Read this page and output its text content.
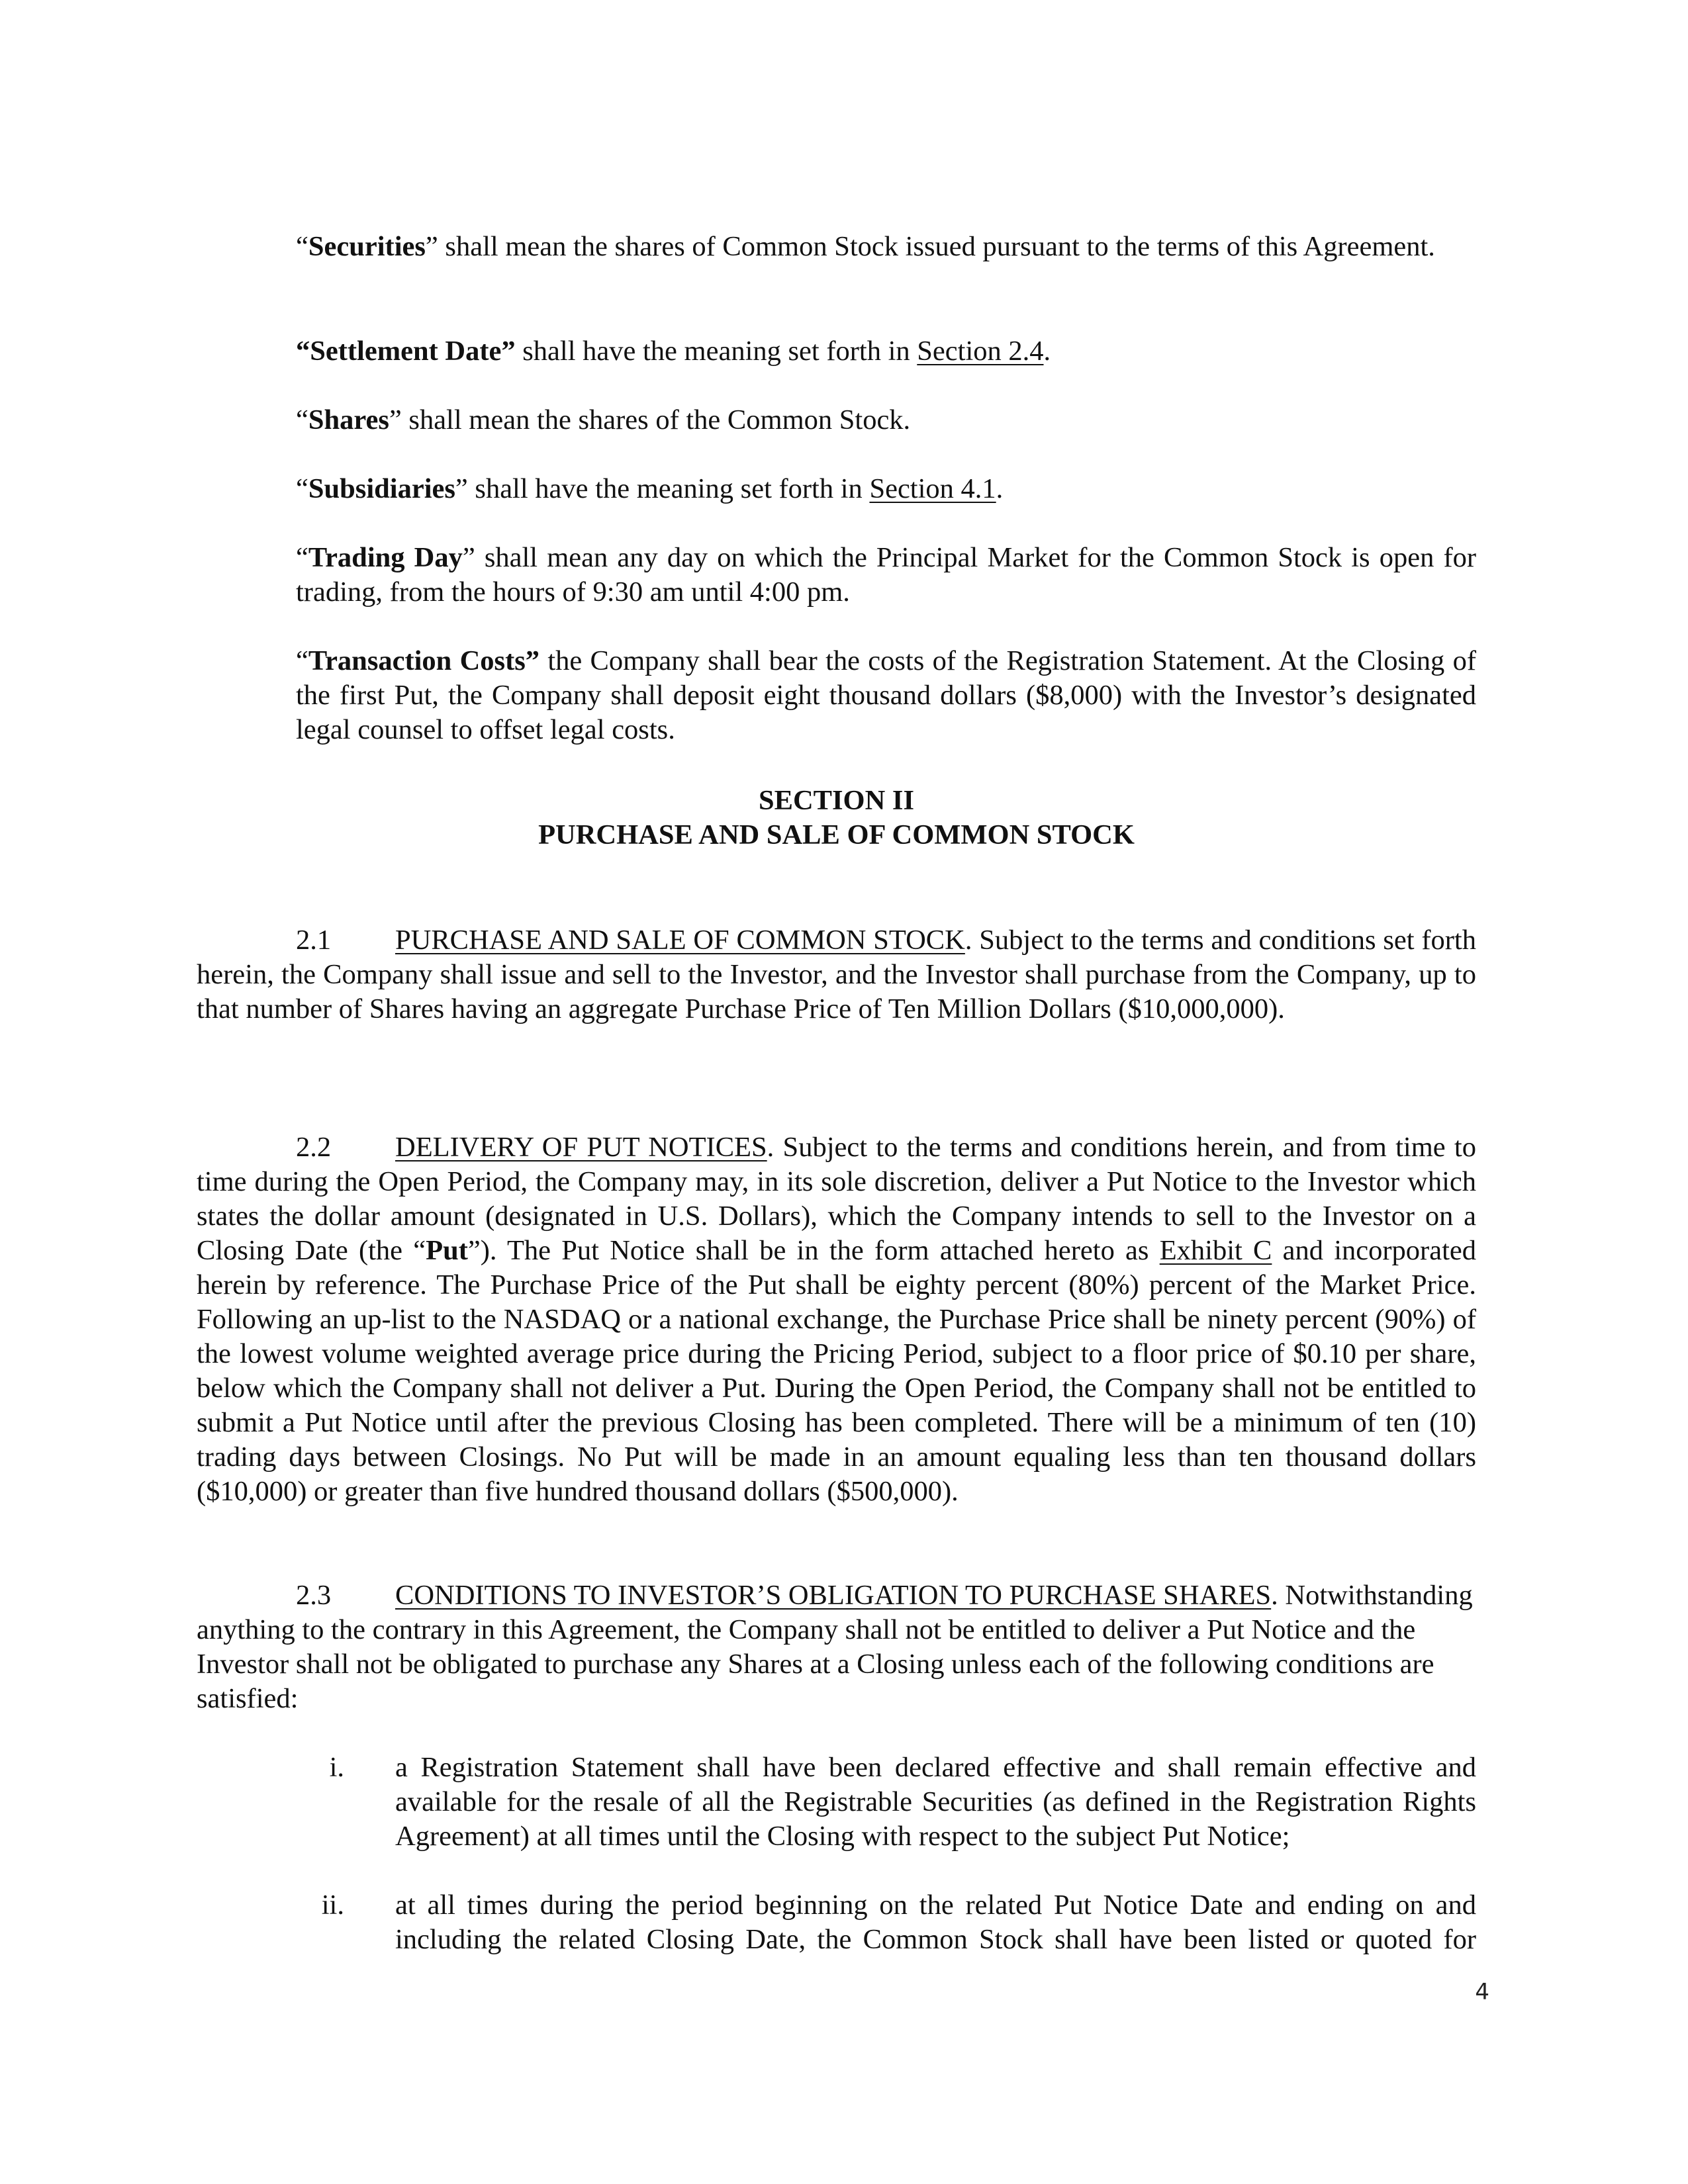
“Securities” shall mean the shares of Common Stock issued pursuant to the terms of this Agreement.

“Settlement Date” shall have the meaning set forth in Section 2.4.

“Shares” shall mean the shares of the Common Stock.

“Subsidiaries” shall have the meaning set forth in Section 4.1.

“Trading Day” shall mean any day on which the Principal Market for the Common Stock is open for trading, from the hours of 9:30 am until 4:00 pm.

“Transaction Costs” the Company shall bear the costs of the Registration Statement. At the Closing of the first Put, the Company shall deposit eight thousand dollars ($8,000) with the Investor’s designated legal counsel to offset legal costs.

SECTION II
PURCHASE AND SALE OF COMMON STOCK

2.1 PURCHASE AND SALE OF COMMON STOCK. Subject to the terms and conditions set forth herein, the Company shall issue and sell to the Investor, and the Investor shall purchase from the Company, up to that number of Shares having an aggregate Purchase Price of Ten Million Dollars ($10,000,000).

2.2 DELIVERY OF PUT NOTICES. Subject to the terms and conditions herein, and from time to time during the Open Period, the Company may, in its sole discretion, deliver a Put Notice to the Investor which states the dollar amount (designated in U.S. Dollars), which the Company intends to sell to the Investor on a Closing Date (the “Put”). The Put Notice shall be in the form attached hereto as Exhibit C and incorporated herein by reference. The Purchase Price of the Put shall be eighty percent (80%) percent of the Market Price. Following an up-list to the NASDAQ or a national exchange, the Purchase Price shall be ninety percent (90%) of the lowest volume weighted average price during the Pricing Period, subject to a floor price of $0.10 per share, below which the Company shall not deliver a Put. During the Open Period, the Company shall not be entitled to submit a Put Notice until after the previous Closing has been completed. There will be a minimum of ten (10) trading days between Closings. No Put will be made in an amount equaling less than ten thousand dollars ($10,000) or greater than five hundred thousand dollars ($500,000).

2.3 CONDITIONS TO INVESTOR’S OBLIGATION TO PURCHASE SHARES. Notwithstanding anything to the contrary in this Agreement, the Company shall not be entitled to deliver a Put Notice and the Investor shall not be obligated to purchase any Shares at a Closing unless each of the following conditions are satisfied:

i. a Registration Statement shall have been declared effective and shall remain effective and available for the resale of all the Registrable Securities (as defined in the Registration Rights Agreement) at all times until the Closing with respect to the subject Put Notice;

ii. at all times during the period beginning on the related Put Notice Date and ending on and including the related Closing Date, the Common Stock shall have been listed or quoted for

4
